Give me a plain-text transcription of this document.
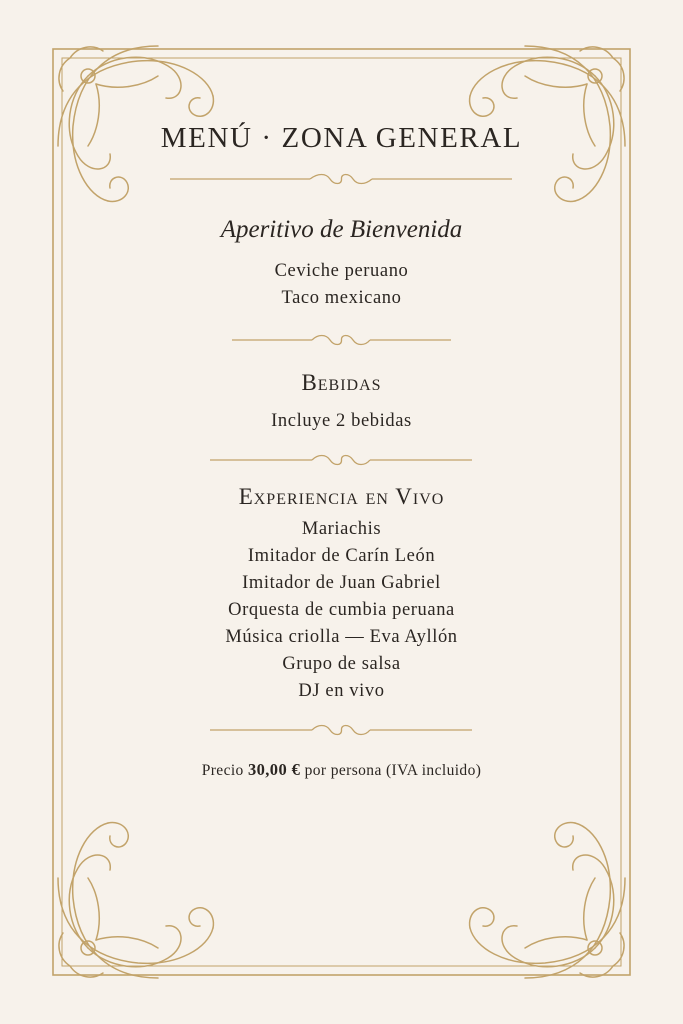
MENÚ · ZONA GENERAL
Aperitivo de Bienvenida
Ceviche peruano
Taco mexicano
Bebidas
Incluye 2 bebidas
Experiencia en Vivo
Mariachis
Imitador de Carín León
Imitador de Juan Gabriel
Orquesta de cumbia peruana
Música criolla — Eva Ayllón
Grupo de salsa
DJ en vivo
Precio 30,00 € por persona (IVA incluido)
